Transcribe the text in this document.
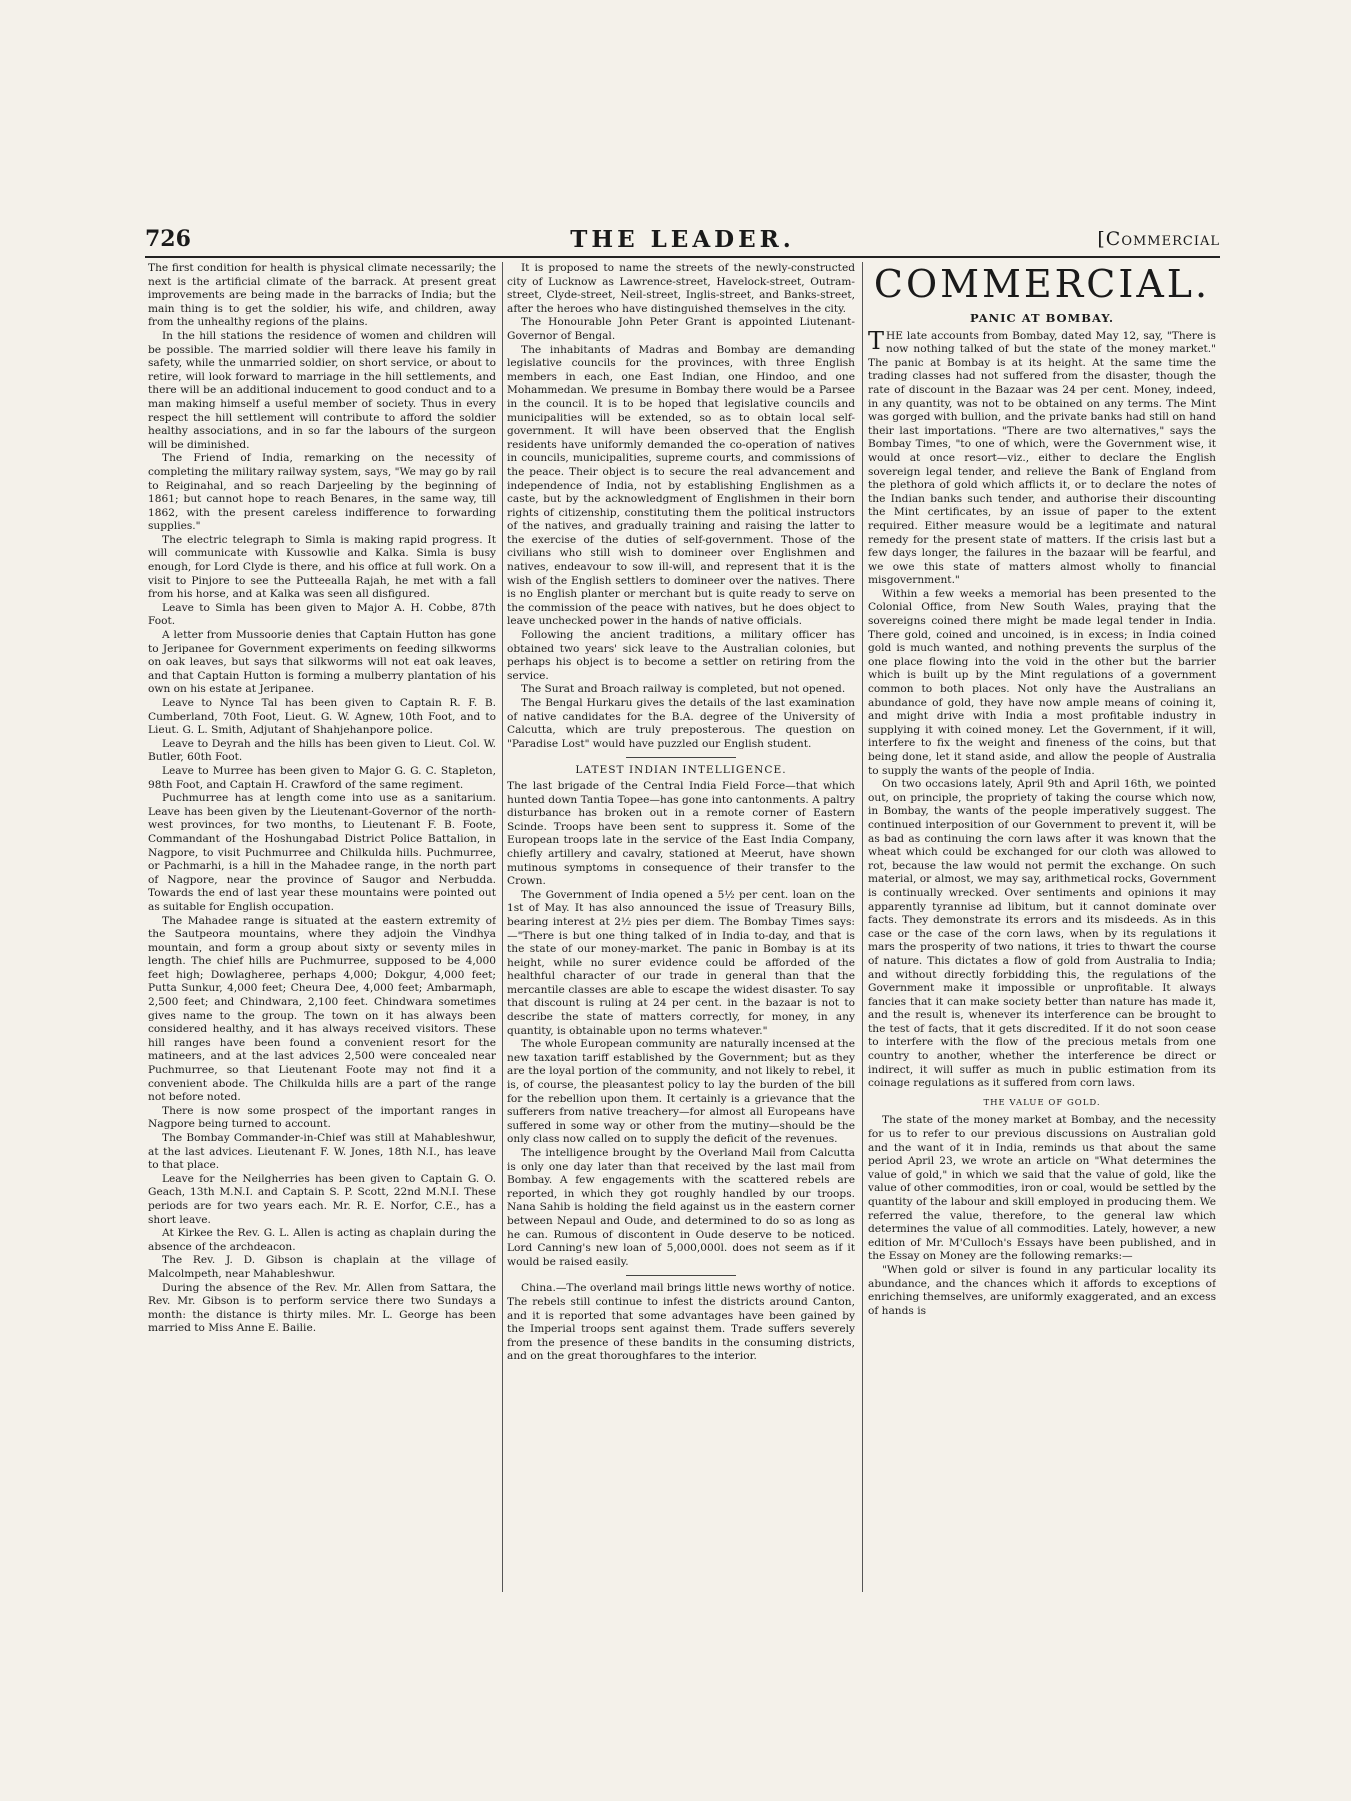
726	THE LEADER.	[Commercial

The first condition for health is physical climate necessarily; the next is the artificial climate of the barrack. At present great improvements are being made in the barracks of India; but the main thing is to get the soldier, his wife, and children, away from the unhealthy regions of the plains.

In the hill stations the residence of women and children will be possible. The married soldier will there leave his family in safety, while the unmarried soldier, on short service, or about to retire, will look forward to marriage in the hill settlements, and there will be an additional inducement to good conduct and to a man making himself a useful member of society. Thus in every respect the hill settlement will contribute to afford the soldier healthy associations, and in so far the labours of the surgeon will be diminished.

The Friend of India, remarking on the necessity of completing the military railway system, says, "We may go by rail to Reiginahal, and so reach Darjeeling by the beginning of 1861; but cannot hope to reach Benares, in the same way, till 1862, with the present careless indifference to forwarding supplies."

The electric telegraph to Simla is making rapid progress. It will communicate with Kussowlie and Kalka. Simla is busy enough, for Lord Clyde is there, and his office at full work. On a visit to Pinjore to see the Putteealla Rajah, he met with a fall from his horse, and at Kalka was seen all disfigured.

Leave to Simla has been given to Major A. H. Cobbe, 87th Foot.

A letter from Mussoorie denies that Captain Hutton has gone to Jeripanee for Government experiments on feeding silkworms on oak leaves, but says that silkworms will not eat oak leaves, and that Captain Hutton is forming a mulberry plantation of his own on his estate at Jeripanee.

Leave to Nynce Tal has been given to Captain R. F. B. Cumberland, 70th Foot, Lieut. G. W. Agnew, 10th Foot, and to Lieut. G. L. Smith, Adjutant of Shahjehanpore police.

Leave to Deyrah and the hills has been given to Lieut. Col. W. Butler, 60th Foot.

Leave to Murree has been given to Major G. G. C. Stapleton, 98th Foot, and Captain H. Crawford of the same regiment.

Puchmurree has at length come into use as a sanitarium. Leave has been given by the Lieutenant-Governor of the north-west provinces, for two months, to Lieutenant F. B. Foote, Commandant of the Hoshungabad District Police Battalion, in Nagpore, to visit Puchmurree and Chilkulda hills. Puchmurree, or Pachmarhi, is a hill in the Mahadee range, in the north part of Nagpore, near the province of Saugor and Nerbudda. Towards the end of last year these mountains were pointed out as suitable for English occupation.

The Mahadee range is situated at the eastern extremity of the Sautpeora mountains, where they adjoin the Vindhya mountain, and form a group about sixty or seventy miles in length. The chief hills are Puchmurree, supposed to be 4,000 feet high; Dowlagheree, perhaps 4,000; Dokgur, 4,000 feet; Putta Sunkur, 4,000 feet; Cheura Dee, 4,000 feet; Ambarmaph, 2,500 feet; and Chindwara, 2,100 feet. Chindwara sometimes gives name to the group. The town on it has always been considered healthy, and it has always received visitors. These hill ranges have been found a convenient resort for the matineers, and at the last advices 2,500 were concealed near Puchmurree, so that Lieutenant Foote may not find it a convenient abode. The Chilkulda hills are a part of the range not before noted.

There is now some prospect of the important ranges in Nagpore being turned to account.

The Bombay Commander-in-Chief was still at Mahableshwur, at the last advices. Lieutenant F. W. Jones, 18th N.I., has leave to that place.

Leave for the Neilgherries has been given to Captain G. O. Geach, 13th M.N.I. and Captain S. P. Scott, 22nd M.N.I. These periods are for two years each. Mr. R. E. Norfor, C.E., has a short leave.

At Kirkee the Rev. G. L. Allen is acting as chaplain during the absence of the archdeacon.

The Rev. J. D. Gibson is chaplain at the village of Malcolmpeth, near Mahableshwur.

During the absence of the Rev. Mr. Allen from Sattara, the Rev. Mr. Gibson is to perform service there two Sundays a month: the distance is thirty miles. Mr. L. George has been married to Miss Anne E. Bailie.

It is proposed to name the streets of the newly-constructed city of Lucknow as Lawrence-street, Havelock-street, Outram-street, Clyde-street, Neil-street, Inglis-street, and Banks-street, after the heroes who have distinguished themselves in the city.

The Honourable John Peter Grant is appointed Liutenant-Governor of Bengal.

The inhabitants of Madras and Bombay are demanding legislative councils for the provinces, with three English members in each, one East Indian, one Hindoo, and one Mohammedan. We presume in Bombay there would be a Parsee in the council. It is to be hoped that legislative councils and municipalities will be extended, so as to obtain local self-government. It will have been observed that the English residents have uniformly demanded the co-operation of natives in councils, municipalities, supreme courts, and commissions of the peace. Their object is to secure the real advancement and independence of India, not by establishing Englishmen as a caste, but by the acknowledgment of Englishmen in their born rights of citizenship, constituting them the political instructors of the natives, and gradually training and raising the latter to the exercise of the duties of self-government. Those of the civilians who still wish to domineer over Englishmen and natives, endeavour to sow ill-will, and represent that it is the wish of the English settlers to domineer over the natives. There is no English planter or merchant but is quite ready to serve on the commission of the peace with natives, but he does object to leave unchecked power in the hands of native officials.

Following the ancient traditions, a military officer has obtained two years' sick leave to the Australian colonies, but perhaps his object is to become a settler on retiring from the service.

The Surat and Broach railway is completed, but not opened.

The Bengal Hurkaru gives the details of the last examination of native candidates for the B.A. degree of the University of Calcutta, which are truly preposterous. The question on "Paradise Lost" would have puzzled our English student.

LATEST INDIAN INTELLIGENCE.

The last brigade of the Central India Field Force—that which hunted down Tantia Topee—has gone into cantonments. A paltry disturbance has broken out in a remote corner of Eastern Scinde. Troops have been sent to suppress it. Some of the European troops late in the service of the East India Company, chiefly artillery and cavalry, stationed at Meerut, have shown mutinous symptoms in consequence of their transfer to the Crown.

The Government of India opened a 5½ per cent. loan on the 1st of May. It has also announced the issue of Treasury Bills, bearing interest at 2½ pies per diem. The Bombay Times says:—"There is but one thing talked of in India to-day, and that is the state of our money-market. The panic in Bombay is at its height, while no surer evidence could be afforded of the healthful character of our trade in general than that the mercantile classes are able to escape the widest disaster. To say that discount is ruling at 24 per cent. in the bazaar is not to describe the state of matters correctly, for money, in any quantity, is obtainable upon no terms whatever."

The whole European community are naturally incensed at the new taxation tariff established by the Government; but as they are the loyal portion of the community, and not likely to rebel, it is, of course, the pleasantest policy to lay the burden of the bill for the rebellion upon them. It certainly is a grievance that the sufferers from native treachery—for almost all Europeans have suffered in some way or other from the mutiny—should be the only class now called on to supply the deficit of the revenues.

The intelligence brought by the Overland Mail from Calcutta is only one day later than that received by the last mail from Bombay. A few engagements with the scattered rebels are reported, in which they got roughly handled by our troops. Nana Sahib is holding the field against us in the eastern corner between Nepaul and Oude, and determined to do so as long as he can. Rumous of discontent in Oude deserve to be noticed. Lord Canning's new loan of 5,000,000l. does not seem as if it would be raised easily.

China.—The overland mail brings little news worthy of notice. The rebels still continue to infest the districts around Canton, and it is reported that some advantages have been gained by the Imperial troops sent against them. Trade suffers severely from the presence of these bandits in the consuming districts, and on the great thoroughfares to the interior.

COMMERCIAL.
PANIC AT BOMBAY.

THE late accounts from Bombay, dated May 12, say, "There is now nothing talked of but the state of the money market." The panic at Bombay is at its height. At the same time the trading classes had not suffered from the disaster, though the rate of discount in the Bazaar was 24 per cent. Money, indeed, in any quantity, was not to be obtained on any terms. The Mint was gorged with bullion, and the private banks had still on hand their last importations. "There are two alternatives," says the Bombay Times, "to one of which, were the Government wise, it would at once resort—viz., either to declare the English sovereign legal tender, and relieve the Bank of England from the plethora of gold which afflicts it, or to declare the notes of the Indian banks such tender, and authorise their discounting the Mint certificates, by an issue of paper to the extent required. Either measure would be a legitimate and natural remedy for the present state of matters. If the crisis last but a few days longer, the failures in the bazaar will be fearful, and we owe this state of matters almost wholly to financial misgovernment."

Within a few weeks a memorial has been presented to the Colonial Office, from New South Wales, praying that the sovereigns coined there might be made legal tender in India. There gold, coined and uncoined, is in excess; in India coined gold is much wanted, and nothing prevents the surplus of the one place flowing into the void in the other but the barrier which is built up by the Mint regulations of a government common to both places. Not only have the Australians an abundance of gold, they have now ample means of coining it, and might drive with India a most profitable industry in supplying it with coined money. Let the Government, if it will, interfere to fix the weight and fineness of the coins, but that being done, let it stand aside, and allow the people of Australia to supply the wants of the people of India.

On two occasions lately, April 9th and April 16th, we pointed out, on principle, the propriety of taking the course which now, in Bombay, the wants of the people imperatively suggest. The continued interposition of our Government to prevent it, will be as bad as continuing the corn laws after it was known that the wheat which could be exchanged for our cloth was allowed to rot, because the law would not permit the exchange. On such material, or almost, we may say, arithmetical rocks, Government is continually wrecked. Over sentiments and opinions it may apparently tyrannise ad libitum, but it cannot dominate over facts. They demonstrate its errors and its misdeeds. As in this case or the case of the corn laws, when by its regulations it mars the prosperity of two nations, it tries to thwart the course of nature. This dictates a flow of gold from Australia to India; and without directly forbidding this, the regulations of the Government make it impossible or unprofitable. It always fancies that it can make society better than nature has made it, and the result is, whenever its interference can be brought to the test of facts, that it gets discredited. If it do not soon cease to interfere with the flow of the precious metals from one country to another, whether the interference be direct or indirect, it will suffer as much in public estimation from its coinage regulations as it suffered from corn laws.

THE VALUE OF GOLD.

The state of the money market at Bombay, and the necessity for us to refer to our previous discussions on Australian gold and the want of it in India, reminds us that about the same period April 23, we wrote an article on "What determines the value of gold," in which we said that the value of gold, like the value of other commodities, iron or coal, would be settled by the quantity of the labour and skill employed in producing them. We referred the value, therefore, to the general law which determines the value of all commodities. Lately, however, a new edition of Mr. M'Culloch's Essays have been published, and in the Essay on Money are the following remarks:—

"When gold or silver is found in any particular locality its abundance, and the chances which it affords to exceptions of enriching themselves, are uniformly exaggerated, and an excess of hands is
